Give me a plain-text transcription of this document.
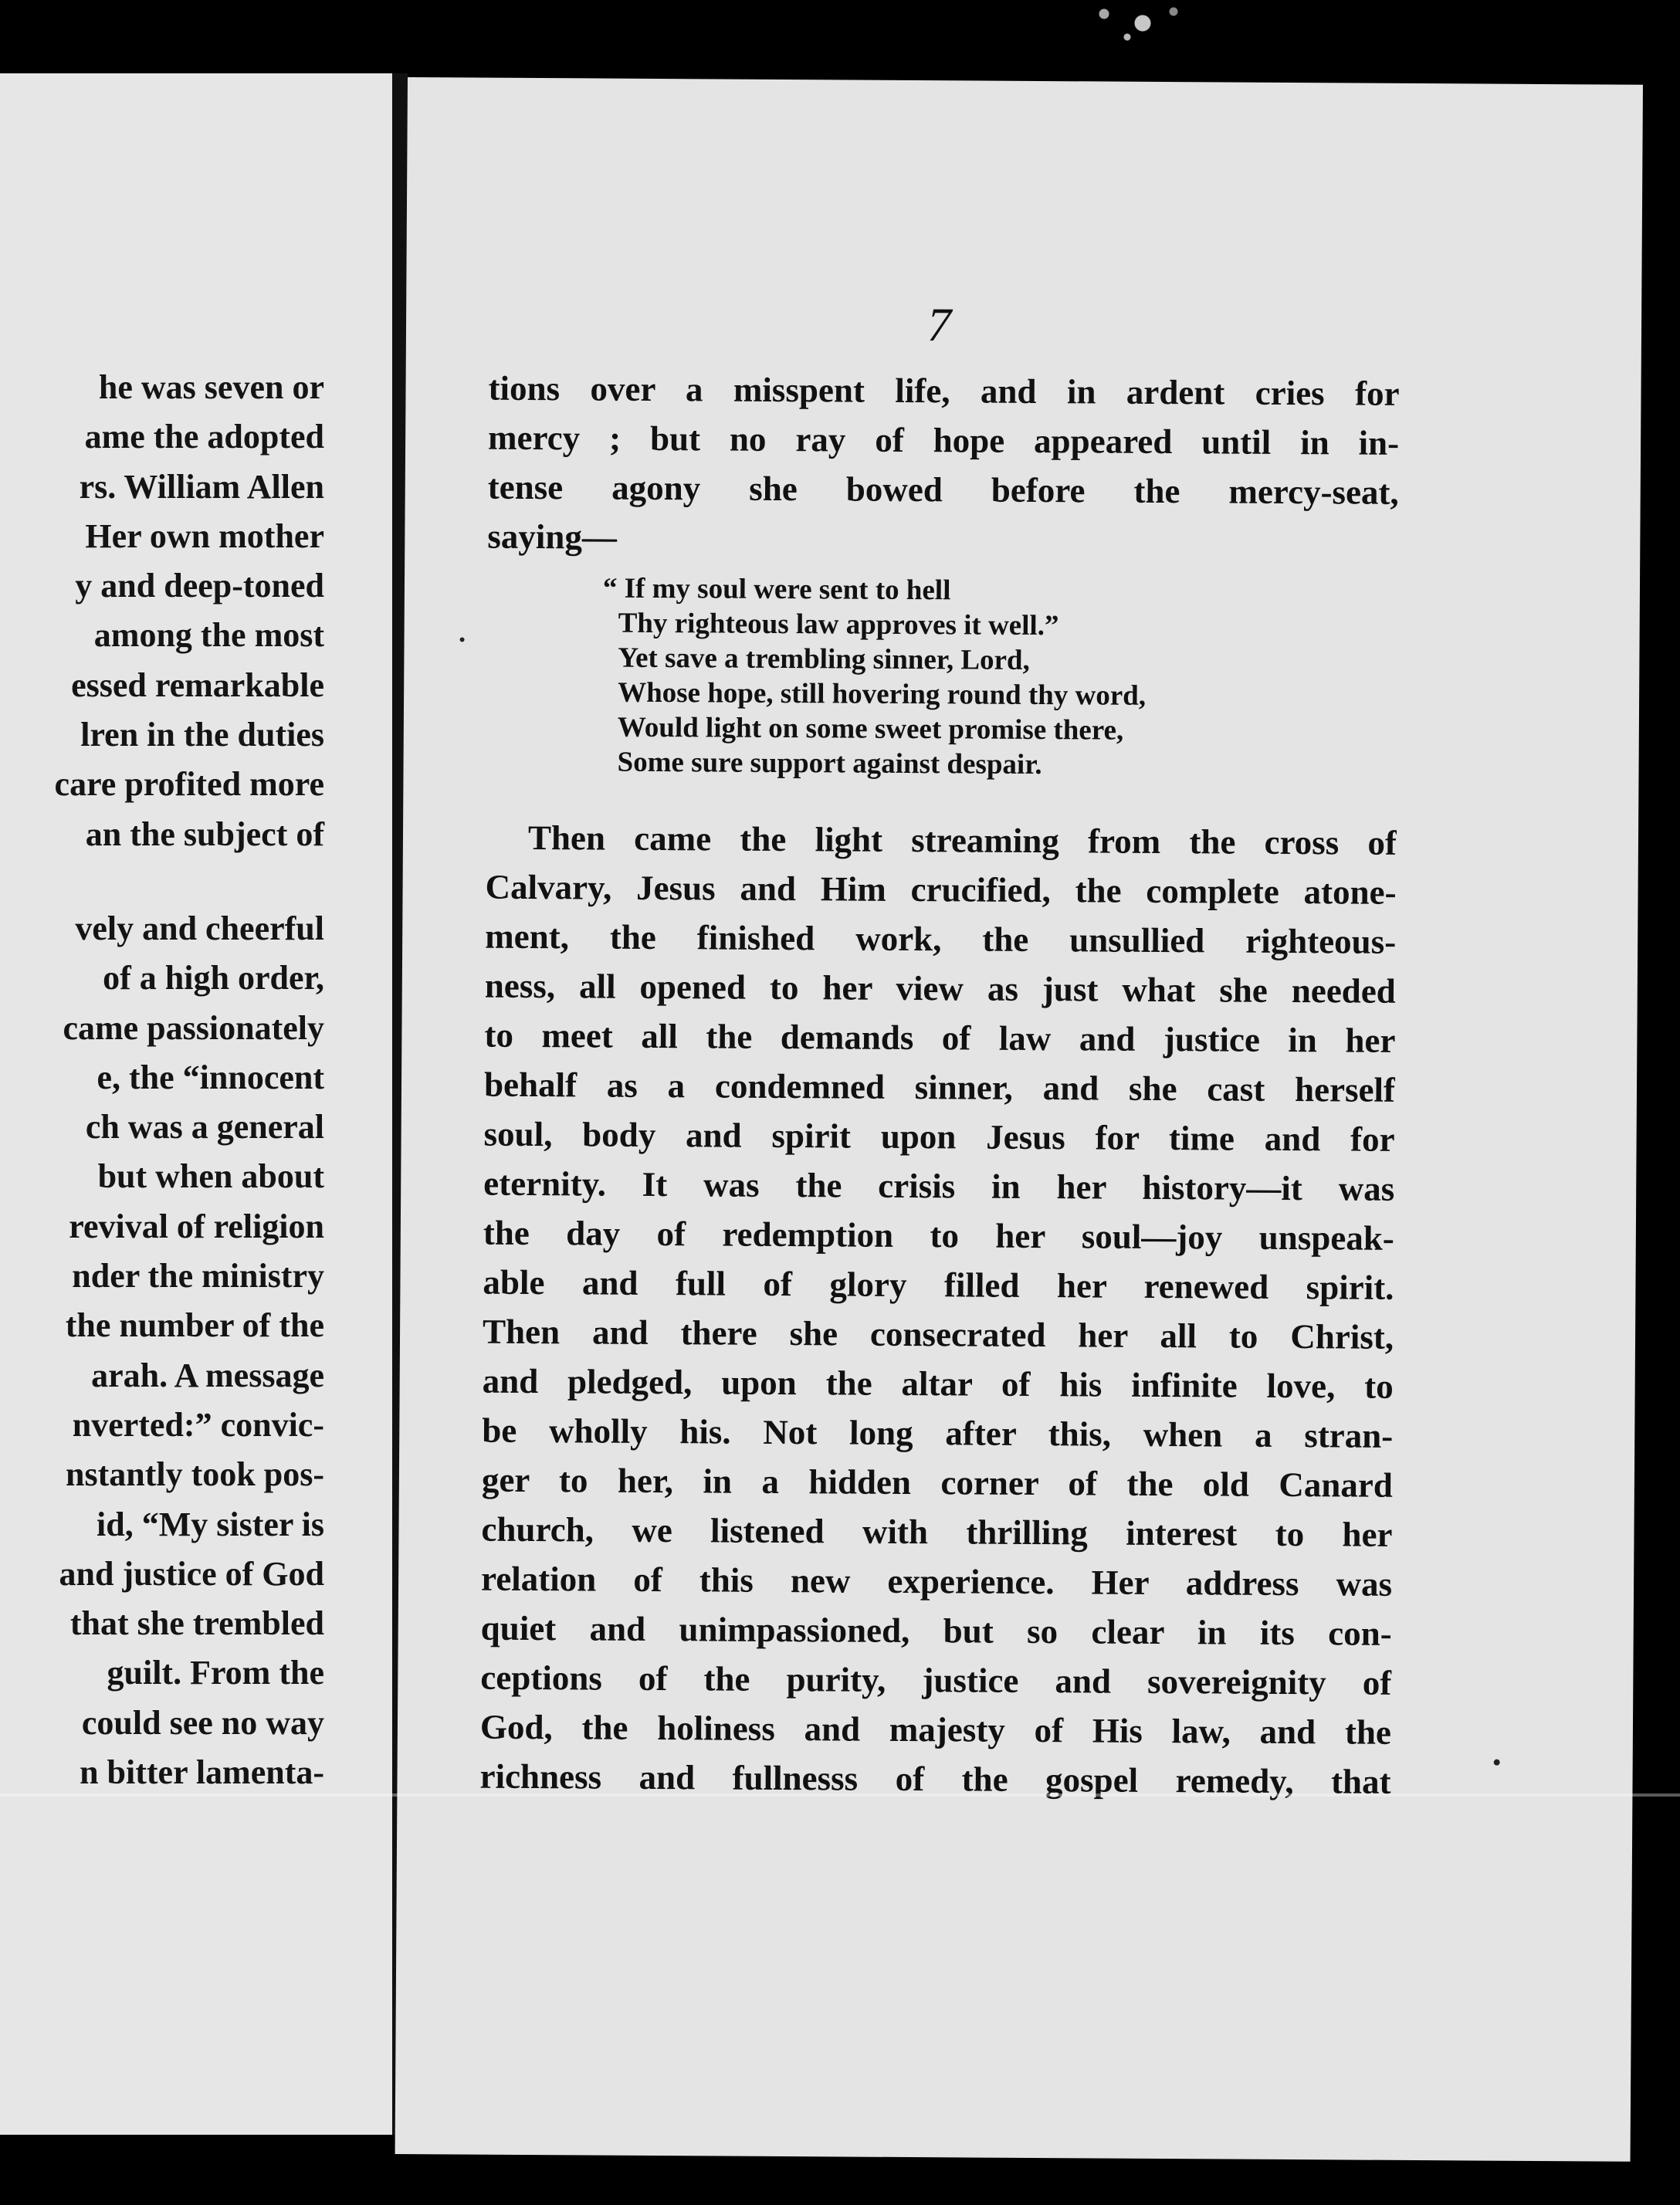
he was seven or
ame the adopted
rs. William Allen
Her own mother
y and deep-toned
among the most
essed remarkable
lren in the duties
care profited more
an the subject of
vely and cheerful
of a high order,
came passionately
e, the “innocent
ch was a general
but when about
revival of religion
nder the ministry
the number of the
arah. A message
nverted:” convic-
nstantly took pos-
id, “My sister is
and justice of God
that she trembled
guilt. From the
could see no way
n bitter lamenta-
7
tions over a misspent life, and in ardent cries for
mercy ; but no ray of hope appeared until in in-
tense agony she bowed before the mercy-seat,
saying—
“ If my soul were sent to hell
Thy righteous law approves it well.”
Yet save a trembling sinner, Lord,
Whose hope, still hovering round thy word,
Would light on some sweet promise there,
Some sure support against despair.
Then came the light streaming from the cross of
Calvary, Jesus and Him crucified, the complete atone-
ment, the finished work, the unsullied righteous-
ness, all opened to her view as just what she needed
to meet all the demands of law and justice in her
behalf as a condemned sinner, and she cast herself
soul, body and spirit upon Jesus for time and for
eternity. It was the crisis in her history—it was
the day of redemption to her soul—joy unspeak-
able and full of glory filled her renewed spirit.
Then and there she consecrated her all to Christ,
and pledged, upon the altar of his infinite love, to
be wholly his. Not long after this, when a stran-
ger to her, in a hidden corner of the old Canard
church, we listened with thrilling interest to her
relation of this new experience. Her address was
quiet and unimpassioned, but so clear in its con-
ceptions of the purity, justice and sovereignity of
God, the holiness and majesty of His law, and the
richness and fullnesss of the gospel remedy, that
